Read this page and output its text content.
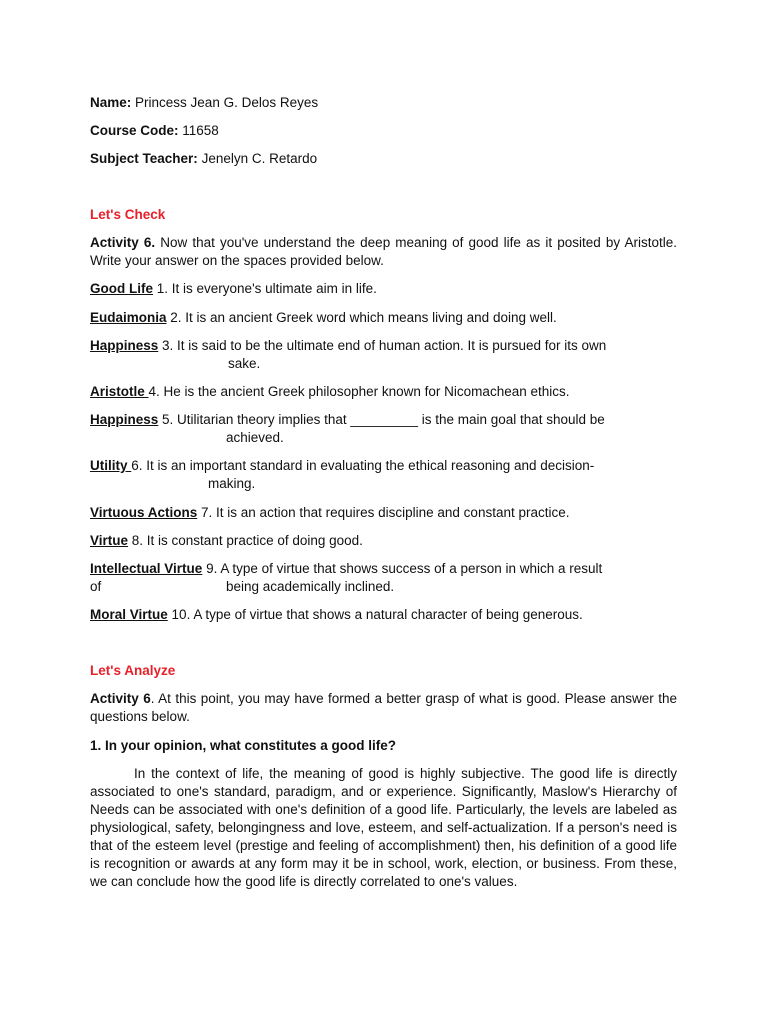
Name: Princess Jean G. Delos Reyes
Course Code: 11658
Subject Teacher: Jenelyn C. Retardo
Let's Check
Activity 6. Now that you've understand the deep meaning of good life as it posited by Aristotle. Write your answer on the spaces provided below.
Good Life 1. It is everyone's ultimate aim in life.
Eudaimonia 2. It is an ancient Greek word which means living and doing well.
Happiness 3. It is said to be the ultimate end of human action. It is pursued for its own
sake.
Aristotle 4. He is the ancient Greek philosopher known for Nicomachean ethics.
Happiness 5. Utilitarian theory implies that _________ is the main goal that should be
achieved.
Utility 6. It is an important standard in evaluating the ethical reasoning and decision-
making.
Virtuous Actions 7. It is an action that requires discipline and constant practice.
Virtue 8. It is constant practice of doing good.
Intellectual Virtue 9. A type of virtue that shows success of a person in which a result
of	being academically inclined.
Moral Virtue 10. A type of virtue that shows a natural character of being generous.
Let's Analyze
Activity 6. At this point, you may have formed a better grasp of what is good. Please answer the questions below.
1. In your opinion, what constitutes a good life?
In the context of life, the meaning of good is highly subjective. The good life is directly associated to one's standard, paradigm, and or experience. Significantly, Maslow's Hierarchy of Needs can be associated with one's definition of a good life. Particularly, the levels are labeled as physiological, safety, belongingness and love, esteem, and self-actualization. If a person's need is that of the esteem level (prestige and feeling of accomplishment) then, his definition of a good life is recognition or awards at any form may it be in school, work, election, or business. From these, we can conclude how the good life is directly correlated to one's values.
